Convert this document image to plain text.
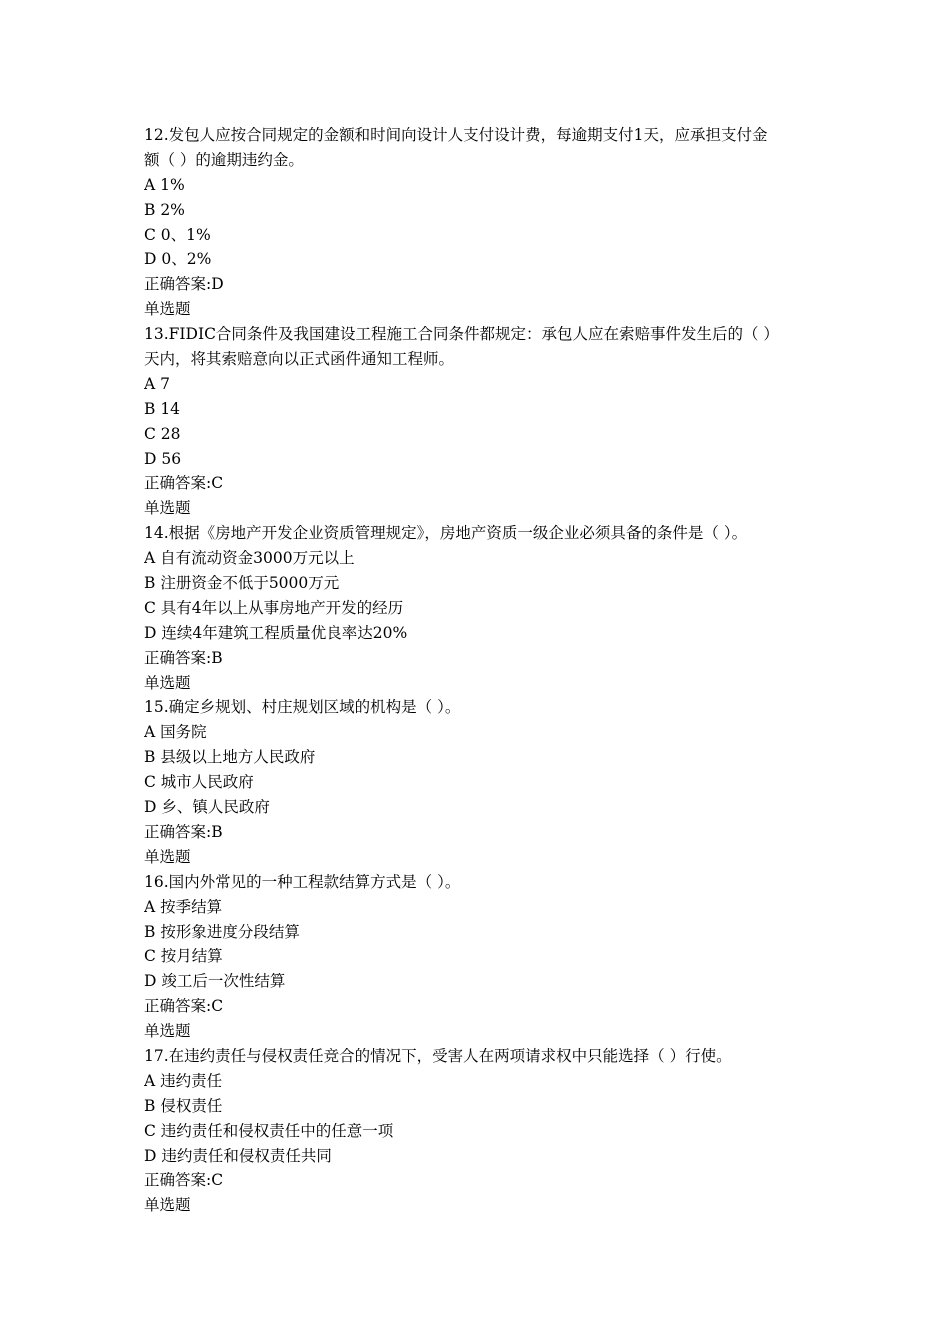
12.发包人应按合同规定的金额和时间向设计人支付设计费，每逾期支付1天，应承担支付金
额（ ）的逾期违约金。
A 1%
B 2%
C 0、1%
D 0、2%
正确答案:D
单选题
13.FIDIC合同条件及我国建设工程施工合同条件都规定：承包人应在索赔事件发生后的（ ）
天内，将其索赔意向以正式函件通知工程师。
A 7
B 14
C 28
D 56
正确答案:C
单选题
14.根据《房地产开发企业资质管理规定》，房地产资质一级企业必须具备的条件是（ ）。
A 自有流动资金3000万元以上
B 注册资金不低于5000万元
C 具有4年以上从事房地产开发的经历
D 连续4年建筑工程质量优良率达20%
正确答案:B
单选题
15.确定乡规划、村庄规划区域的机构是（ ）。
A 国务院
B 县级以上地方人民政府
C 城市人民政府
D 乡、镇人民政府
正确答案:B
单选题
16.国内外常见的一种工程款结算方式是（ ）。
A 按季结算
B 按形象进度分段结算
C 按月结算
D 竣工后一次性结算
正确答案:C
单选题
17.在违约责任与侵权责任竞合的情况下，受害人在两项请求权中只能选择（ ）行使。
A 违约责任
B 侵权责任
C 违约责任和侵权责任中的任意一项
D 违约责任和侵权责任共同
正确答案:C
单选题
